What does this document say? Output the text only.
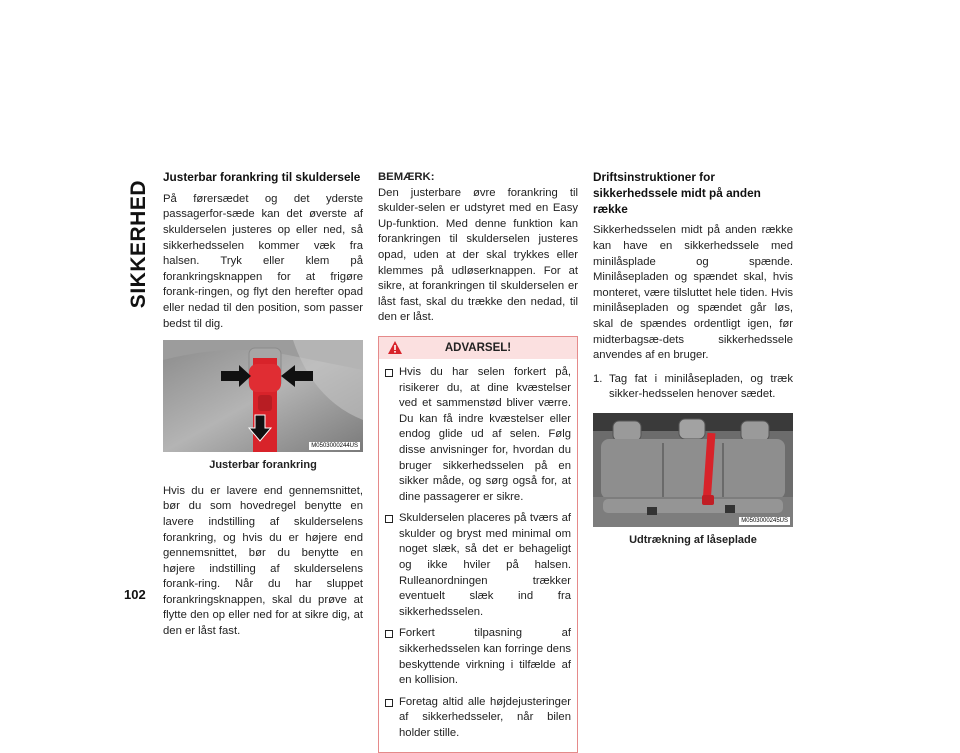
SIKKERHED
102
Justerbar forankring til skuldersele

På førersædet og det yderste passagerfor-sæde kan det øverste af skulderselen justeres op eller ned, så sikkerhedsselen kommer væk fra halsen. Tryk eller klem på forankringsknappen for at frigøre forank-ringen, og flyt den herefter opad eller nedad til den position, som passer bedst til dig.

M0503000244US
Justerbar forankring

Hvis du er lavere end gennemsnittet, bør du som hovedregel benytte en lavere indstilling af skulderselens forankring, og hvis du er højere end gennemsnittet, bør du benytte en højere indstilling af skulderselens forank-ring. Når du har sluppet forankringsknappen, skal du prøve at flytte den op eller ned for at sikre dig, at den er låst fast.

BEMÆRK:

Den justerbare øvre forankring til skulder-selen er udstyret med en Easy Up-funktion. Med denne funktion kan forankringen til skulderselen justeres opad, uden at der skal trykkes eller klemmes på udløserknappen. For at sikre, at forankringen til skulderselen er låst fast, skal du trække den nedad, til den er låst.

ADVARSEL!
Hvis du har selen forkert på, risikerer du, at dine kvæstelser ved et sammenstød bliver værre. Du kan få indre kvæstelser eller endog glide ud af selen. Følg disse anvisninger for, hvordan du bruger sikkerhedsselen på en sikker måde, og sørg også for, at dine passagerer er sikre.
Skulderselen placeres på tværs af skulder og bryst med minimal om noget slæk, så det er behageligt og ikke hviler på halsen. Rulleanordningen trækker eventuelt slæk ind fra sikkerhedsselen.
Forkert tilpasning af sikkerhedsselen kan forringe dens beskyttende virkning i tilfælde af en kollision.
Foretag altid alle højdejusteringer af sikkerhedsseler, når bilen holder stille.
Driftsinstruktioner for sikkerhedssele midt på anden række

Sikkerhedsselen midt på anden række kan have en sikkerhedssele med minilåsplade og spænde. Minilåsepladen og spændet skal, hvis monteret, være tilsluttet hele tiden. Hvis minilåsepladen og spændet går løs, skal de spændes ordentligt igen, før midterbagsæ-dets sikkerhedssele anvendes af en bruger.

1. Tag fat i minilåsepladen, og træk sikker-hedsselen henover sædet.
M0503000245US
Udtrækning af låseplade
